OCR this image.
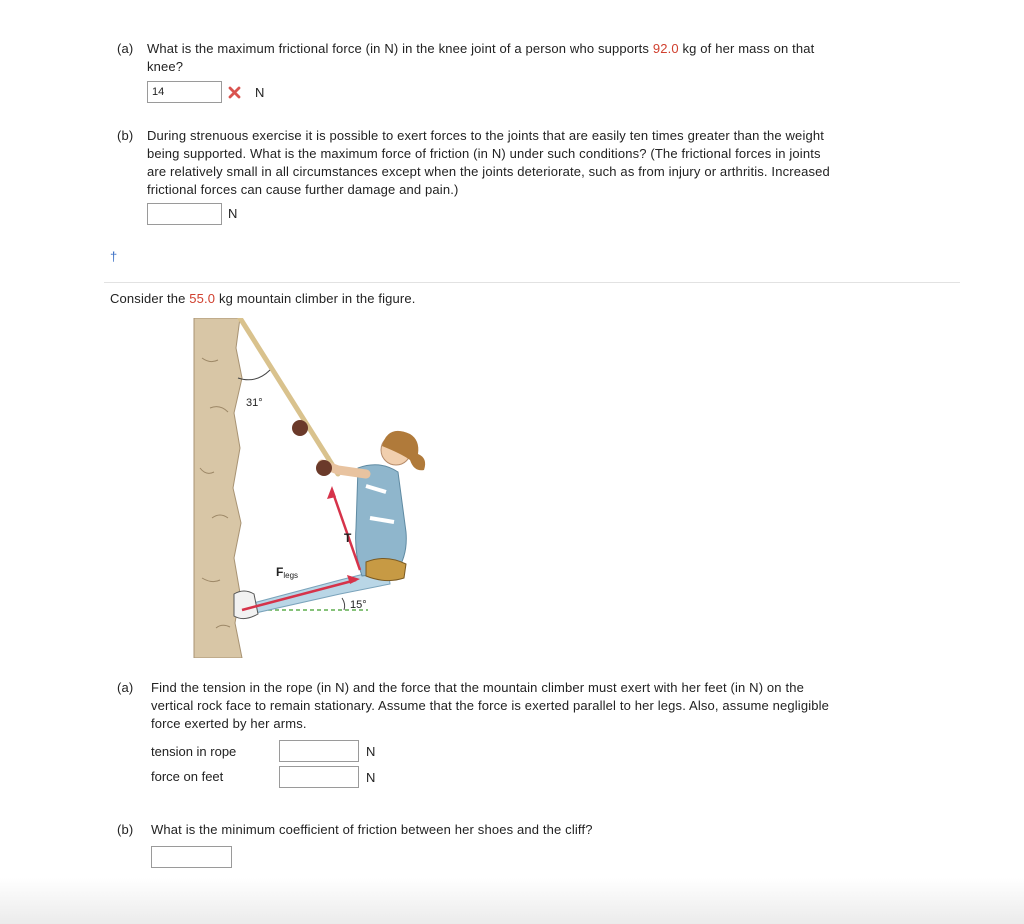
(a) What is the maximum frictional force (in N) in the knee joint of a person who supports 92.0 kg of her mass on that
knee?
14
N
(b) During strenuous exercise it is possible to exert forces to the joints that are easily ten times greater than the weight
being supported. What is the maximum force of friction (in N) under such conditions? (The frictional forces in joints
are relatively small in all circumstances except when the joints deteriorate, such as from injury or arthritis. Increased
frictional forces can cause further damage and pain.)
N
†
Consider the 55.0 kg mountain climber in the figure.
31°
T
Flegs
15°
(a) Find the tension in the rope (in N) and the force that the mountain climber must exert with her feet (in N) on the
vertical rock face to remain stationary. Assume that the force is exerted parallel to her legs. Also, assume negligible
force exerted by her arms.
tension in rope	N
force on feet	N
(b) What is the minimum coefficient of friction between her shoes and the cliff?
